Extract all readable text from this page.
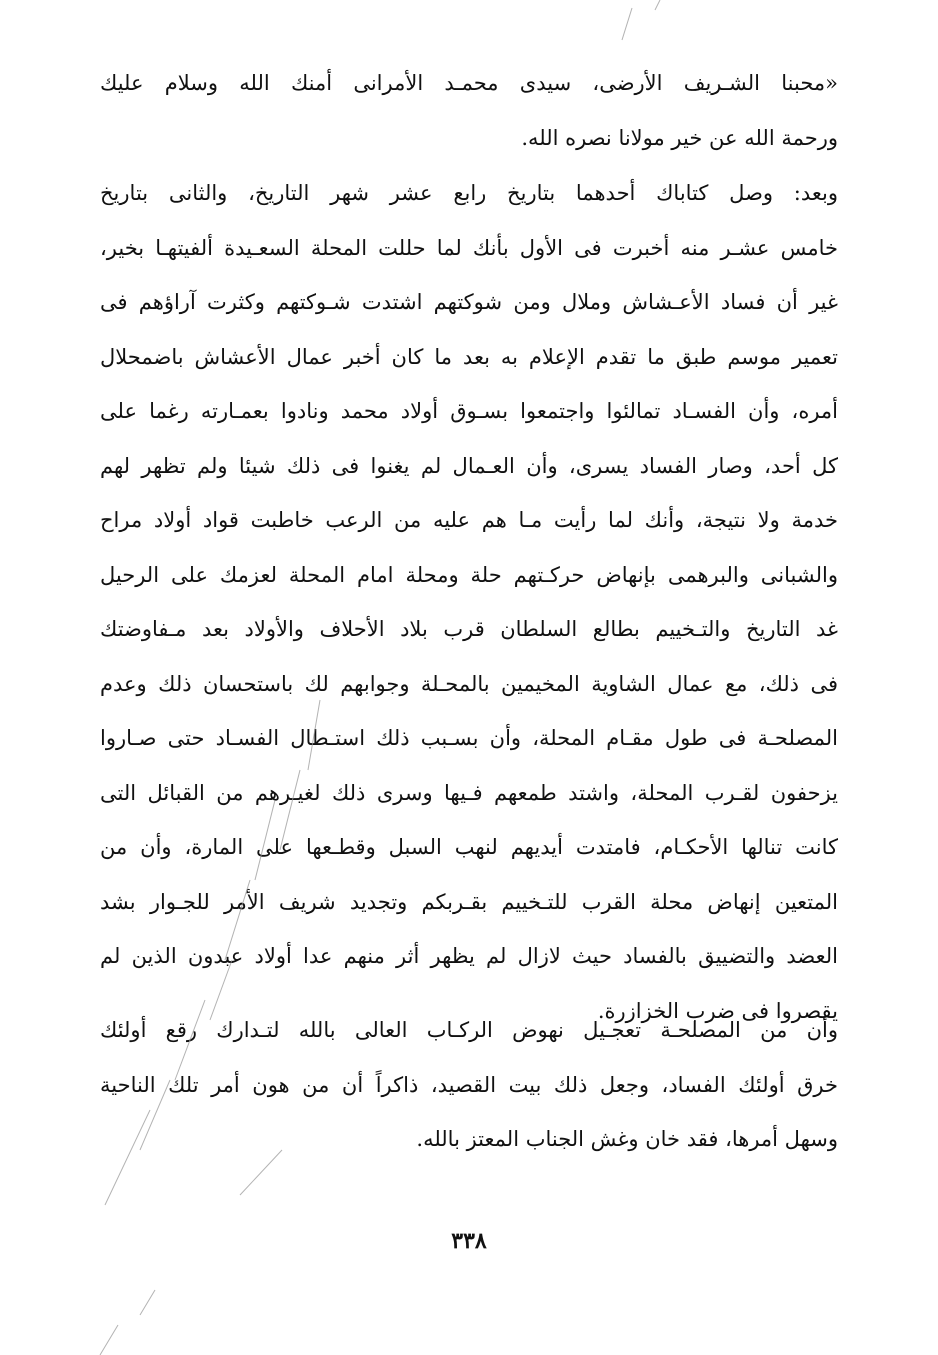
«محبنا الشـريف الأرضى، سيدى محمـد الأمرانى أمنك الله وسلام عليك
ورحمة الله عن خير مولانا نصره الله.
وبعد: وصل كتاباك أحدهما بتاريخ رابع عشر شهر التاريخ، والثانى بتاريخ
خامس عشـر منه أخبرت فى الأول بأنك لما حللت المحلة السعـيدة ألفيتهـا بخير،
غير أن فساد الأعـشاش وملال ومن شوكتهم اشتدت شـوكتهم وكثرت آراؤهم فى
تعمير موسم طبق ما تقدم الإعلام به بعد ما كان أخبر عمال الأعشاش باضمحلال
أمره، وأن الفسـاد تمالئوا واجتمعوا بسـوق أولاد محمد ونادوا بعمـارته رغما على
كل أحد، وصار الفساد يسرى، وأن العـمال لم يغنوا فى ذلك شيئا ولم تظهر لهم
خدمة ولا نتيجة، وأنك لما رأيت مـا هم عليه من الرعب خاطبت قواد أولاد مراح
والشبانى والبرهمى بإنهاض حركـتهم حلة ومحلة امام المحلة لعزمك على الرحيل
غد التاريخ والتـخييم بطالع السلطان قرب بلاد الأحلاف والأولاد بعد مـفاوضتك
فى ذلك، مع عمال الشاوية المخيمين بالمحـلة وجوابهم لك باستحسان ذلك وعدم
المصلحـة فى طول مقـام المحلة، وأن بسـبب ذلك استـطال الفسـاد حتى صـاروا
يزحفون لقـرب المحلة، واشتد طمعهم فـيها وسرى ذلك لغيـرهم من القبائل التى
كانت تنالها الأحكـام، فامتدت أيديهم لنهب السبل وقطـعها على المارة، وأن من
المتعين إنهاض محلة القرب للتـخييم بقـربكم وتجديد شريف الأمر للجـوار بشد
العضد والتضييق بالفساد حيث لازال لم يظهر أثر منهم عدا أولاد عبدون الذين لم
يقصروا فى ضرب الخزازرة.
وأن من المصلحـة تعجـيل نهوض الركـاب العالى بالله لتـدارك رقع أولئك
خرق أولئك الفساد، وجعل ذلك بيت القصيد، ذاكراً أن من هون أمر تلك الناحية
وسهل أمرها، فقد خان وغش الجناب المعتز بالله.
٣٣٨
